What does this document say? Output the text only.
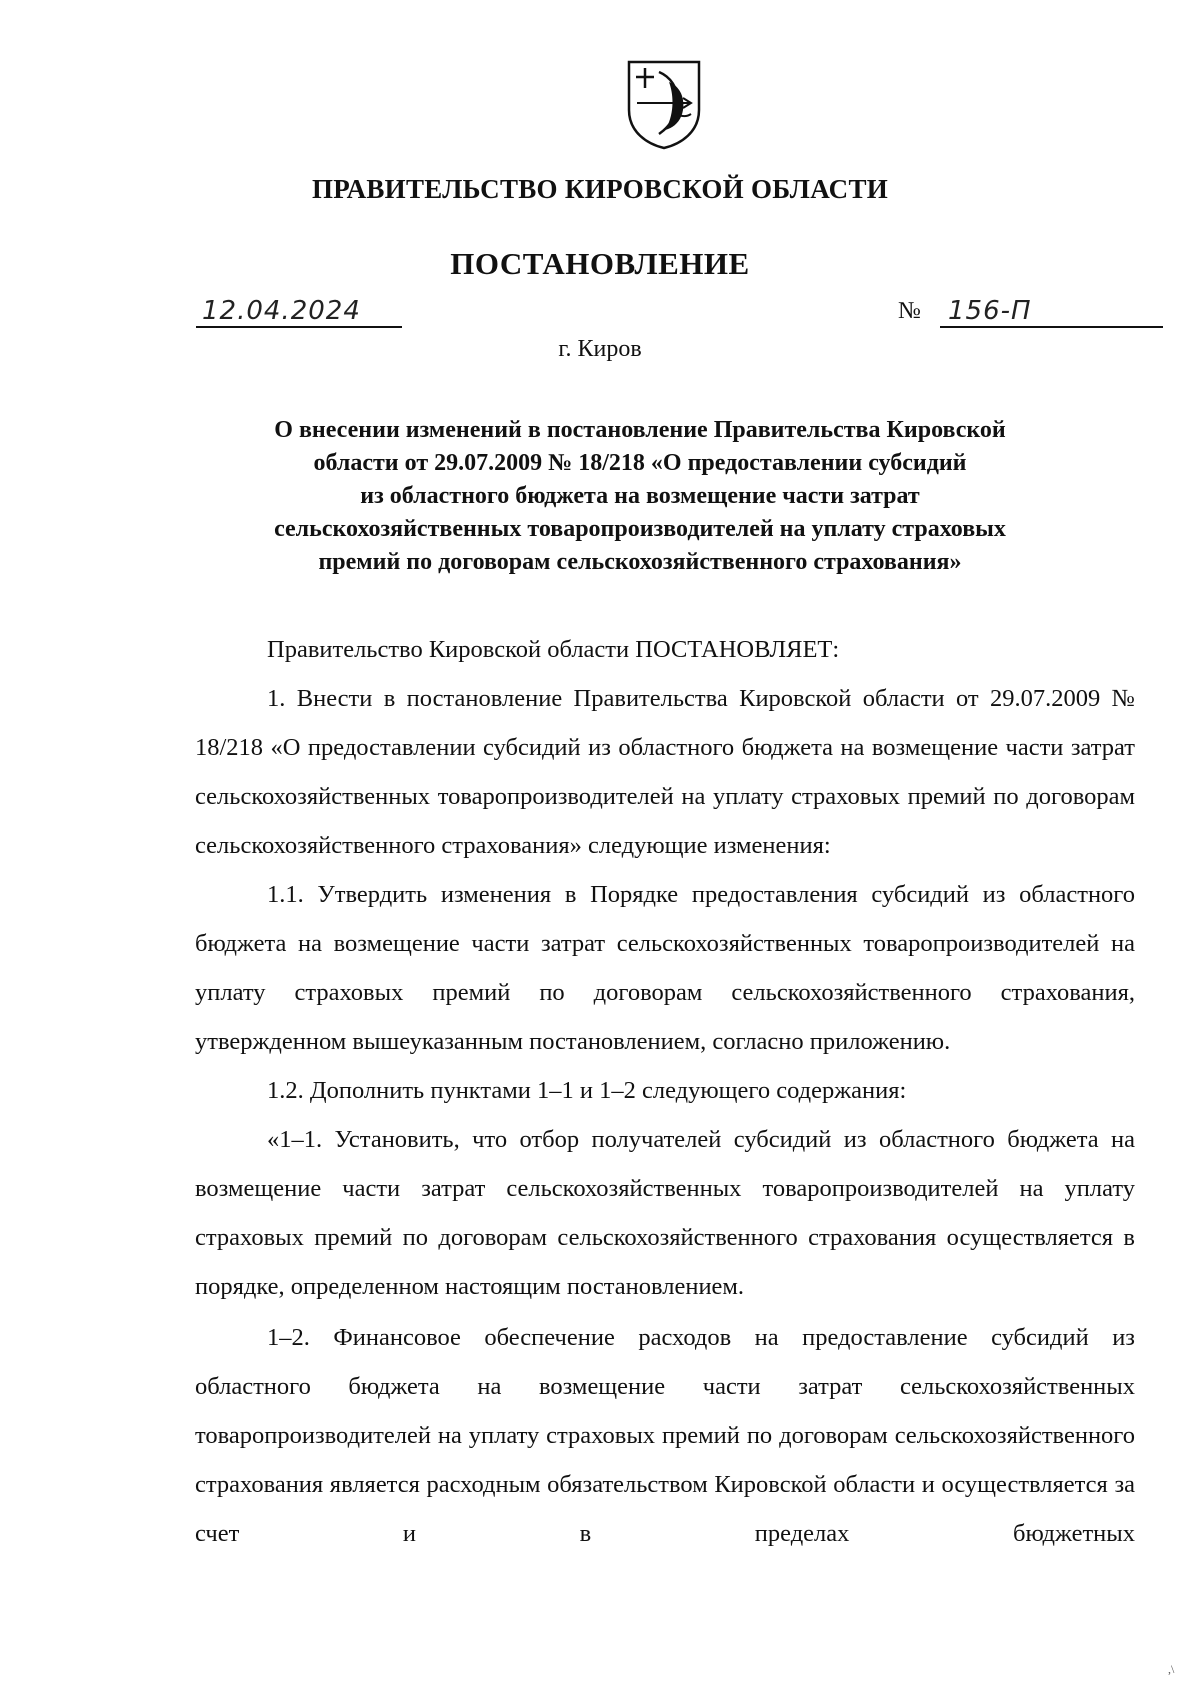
ПРАВИТЕЛЬСТВО КИРОВСКОЙ ОБЛАСТИ
ПОСТАНОВЛЕНИЕ
12.04.2024	№	156-П
г. Киров
О внесении изменений в постановление Правительства Кировской
области от 29.07.2009 № 18/218 «О предоставлении субсидий
из областного бюджета на возмещение части затрат
сельскохозяйственных товаропроизводителей на уплату страховых
премий по договорам сельскохозяйственного страхования»

Правительство Кировской области ПОСТАНОВЛЯЕТ:

1. Внести в постановление Правительства Кировской области от 29.07.2009 № 18/218 «О предоставлении субсидий из областного бюджета на возмещение части затрат сельскохозяйственных товаропроизводителей на уплату страховых премий по договорам сельскохозяйственного страхования» следующие изменения:

1.1. Утвердить изменения в Порядке предоставления субсидий из областного бюджета на возмещение части затрат сельскохозяйственных товаропроизводителей на уплату страховых премий по договорам сельскохозяйственного страхования, утвержденном вышеуказанным постановлением, согласно приложению.

1.2. Дополнить пунктами 1–1 и 1–2 следующего содержания:

«1–1. Установить, что отбор получателей субсидий из областного бюджета на возмещение части затрат сельскохозяйственных товаропроизводителей на уплату страховых премий по договорам сельскохозяйственного страхования осуществляется в порядке, определенном настоящим постановлением.

1–2. Финансовое обеспечение расходов на предоставление субсидий из областного бюджета на возмещение части затрат сельскохозяйственных товаропроизводителей на уплату страховых премий по договорам сельскохозяйственного страхования является расходным обязательством Кировской области и осуществляется за счет и в пределах бюджетных

,\
